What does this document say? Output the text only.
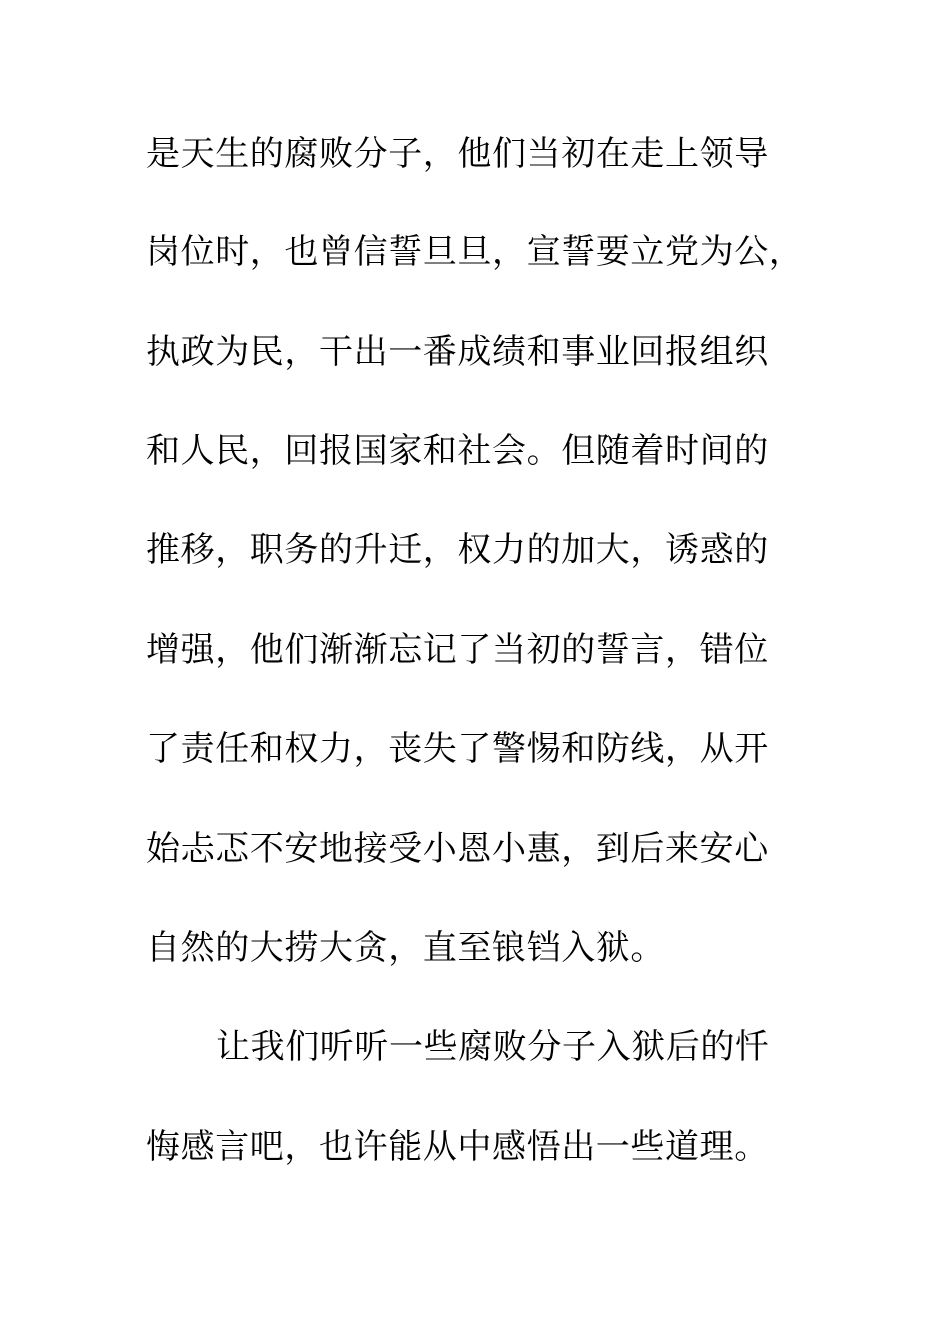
是天生的腐败分子，他们当初在走上领导
岗位时，也曾信誓旦旦，宣誓要立党为公，
执政为民，干出一番成绩和事业回报组织
和人民，回报国家和社会。但随着时间的
推移，职务的升迁，权力的加大，诱惑的
增强，他们渐渐忘记了当初的誓言，错位
了责任和权力，丧失了警惕和防线，从开
始忐忑不安地接受小恩小惠，到后来安心
自然的大捞大贪，直至锒铛入狱。
让我们听听一些腐败分子入狱后的忏
悔感言吧，也许能从中感悟出一些道理。
